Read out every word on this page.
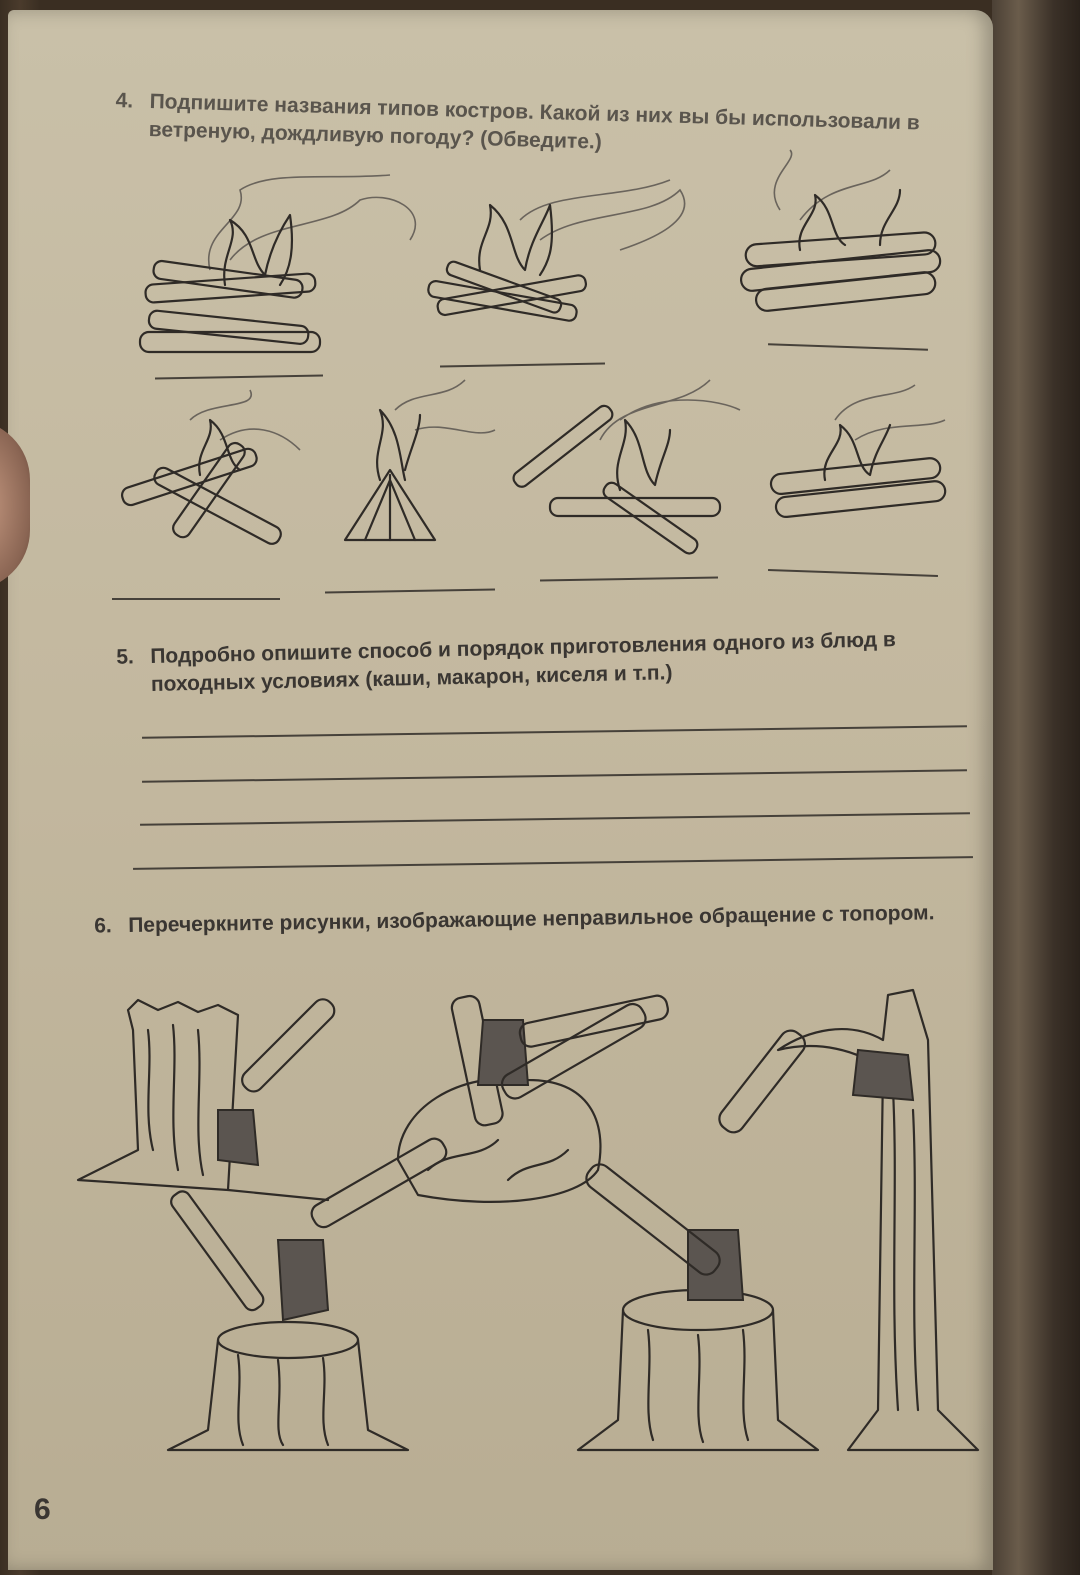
4. Подпишите названия типов костров. Какой из них вы бы использовали в ветреную, дождливую погоду? (Обведите.)
5. Подробно опишите способ и порядок приготовления одного из блюд в походных условиях (каши, макарон, киселя и т.п.)
6. Перечеркните рисунки, изображающие неправильное обращение с топором.
6
